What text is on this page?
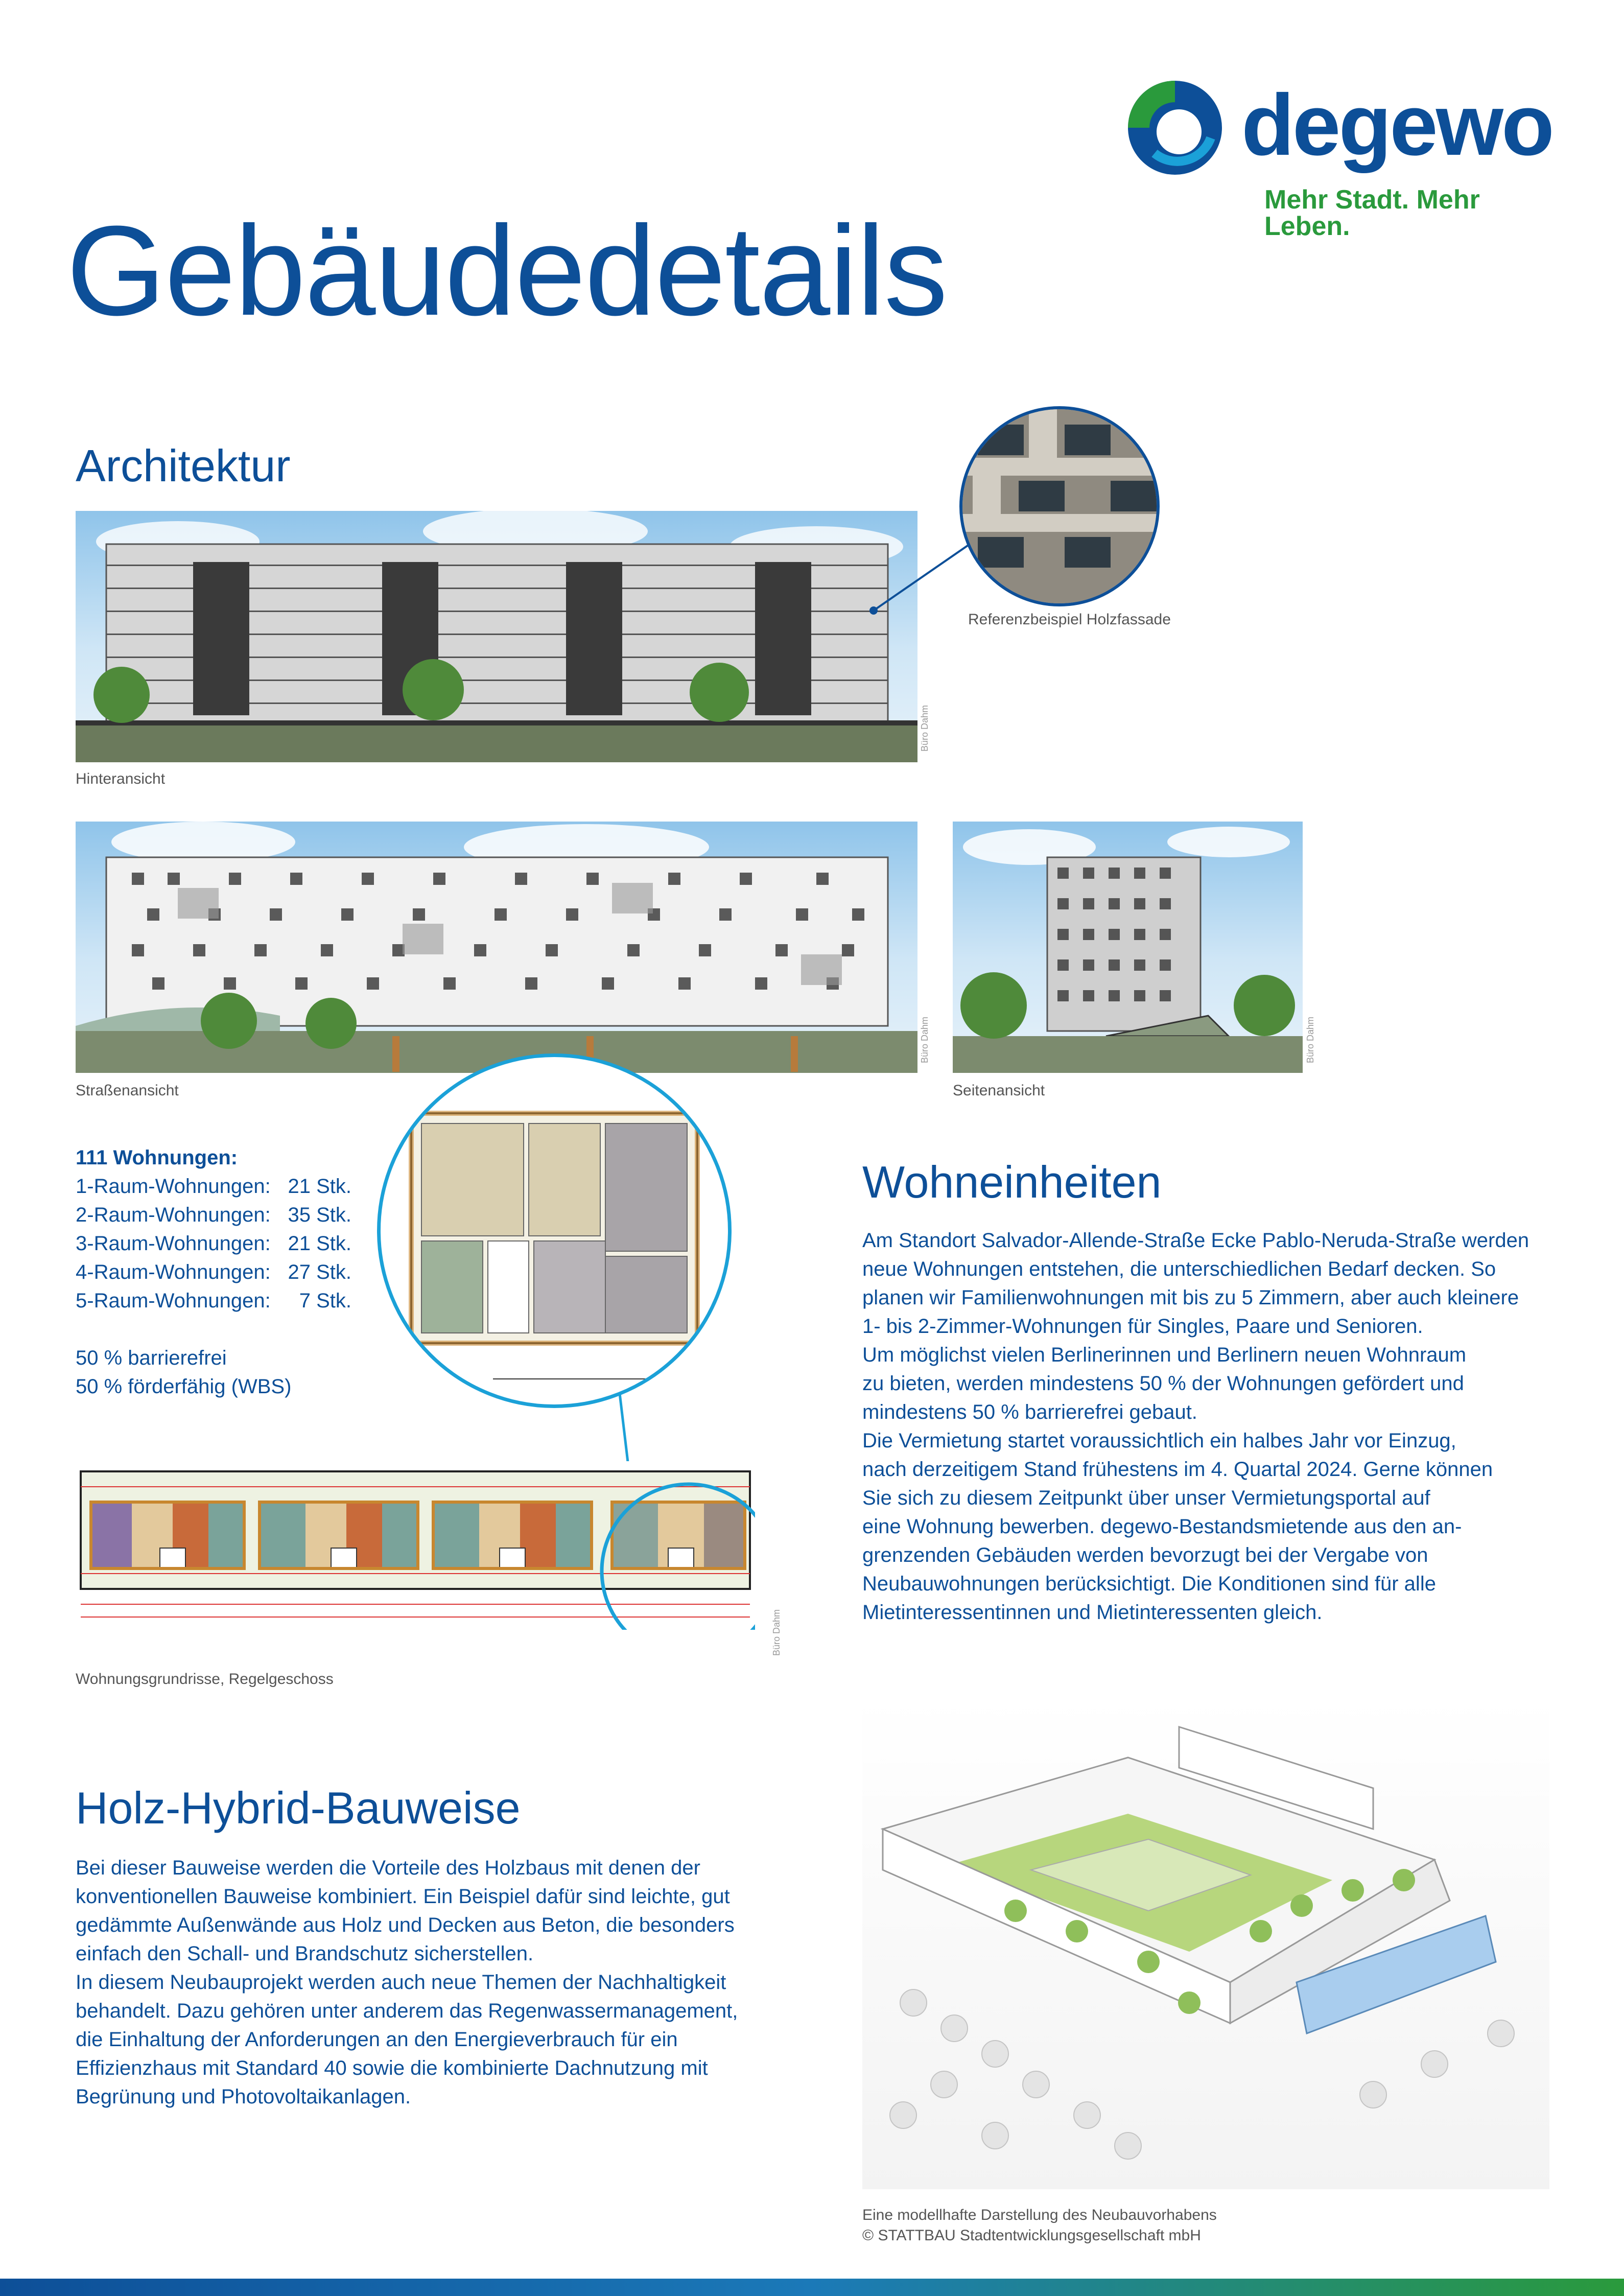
degewo
Mehr Stadt. Mehr Leben.
Gebäudedetails
Architektur
Bürо Dahm
Hinteransicht
Referenzbeispiel Holzfassade
Bürо Dahm
Straßenansicht
Bürо Dahm
Seitenansicht
111 Wohnungen:
1-Raum-Wohnungen: 21 Stk.
2-Raum-Wohnungen: 35 Stk.
3-Raum-Wohnungen: 21 Stk.
4-Raum-Wohnungen: 27 Stk.
5-Raum-Wohnungen:	7 Stk.
50 % barrierefrei
50 % förderfähig (WBS)
Bürо Dahm
Wohnungsgrundrisse, Regelgeschoss
Wohneinheiten

Am Standort Salvador-Allende-Straße Ecke Pablo-Neruda-Straße werden

neue Wohnungen entstehen, die unterschiedlichen Bedarf decken. So

planen wir Familienwohnungen mit bis zu 5 Zimmern, aber auch kleinere

1- bis 2-Zimmer-Wohnungen für Singles, Paare und Senioren.

Um möglichst vielen Berlinerinnen und Berlinern neuen Wohnraum

zu bieten, werden mindestens 50 % der Wohnungen gefördert und

mindestens 50 % barrierefrei gebaut.

Die Vermietung startet voraussichtlich ein halbes Jahr vor Einzug,

nach derzeitigem Stand frühestens im 4. Quartal 2024. Gerne können

Sie sich zu diesem Zeitpunkt über unser Vermietungsportal auf

eine Wohnung bewerben. degewo-Bestandsmietende aus den an-

grenzenden Gebäuden werden bevorzugt bei der Vergabe von

Neubauwohnungen berücksichtigt. Die Konditionen sind für alle

Mietinteressentinnen und Mietinteressenten gleich.

Holz-Hybrid-Bauweise

Bei dieser Bauweise werden die Vorteile des Holzbaus mit denen der

konventionellen Bauweise kombiniert. Ein Beispiel dafür sind leichte, gut

gedämmte Außenwände aus Holz und Decken aus Beton, die besonders

einfach den Schall- und Brandschutz sicherstellen.

In diesem Neubauprojekt werden auch neue Themen der Nachhaltigkeit

behandelt. Dazu gehören unter anderem das Regenwassermanagement,

die Einhaltung der Anforderungen an den Energieverbrauch für ein

Effizienzhaus mit Standard 40 sowie die kombinierte Dachnutzung mit

Begrünung und Photovoltaikanlagen.

Eine modellhafte Darstellung des Neubauvorhabens
© STATTBAU Stadtentwicklungsgesellschaft mbH
